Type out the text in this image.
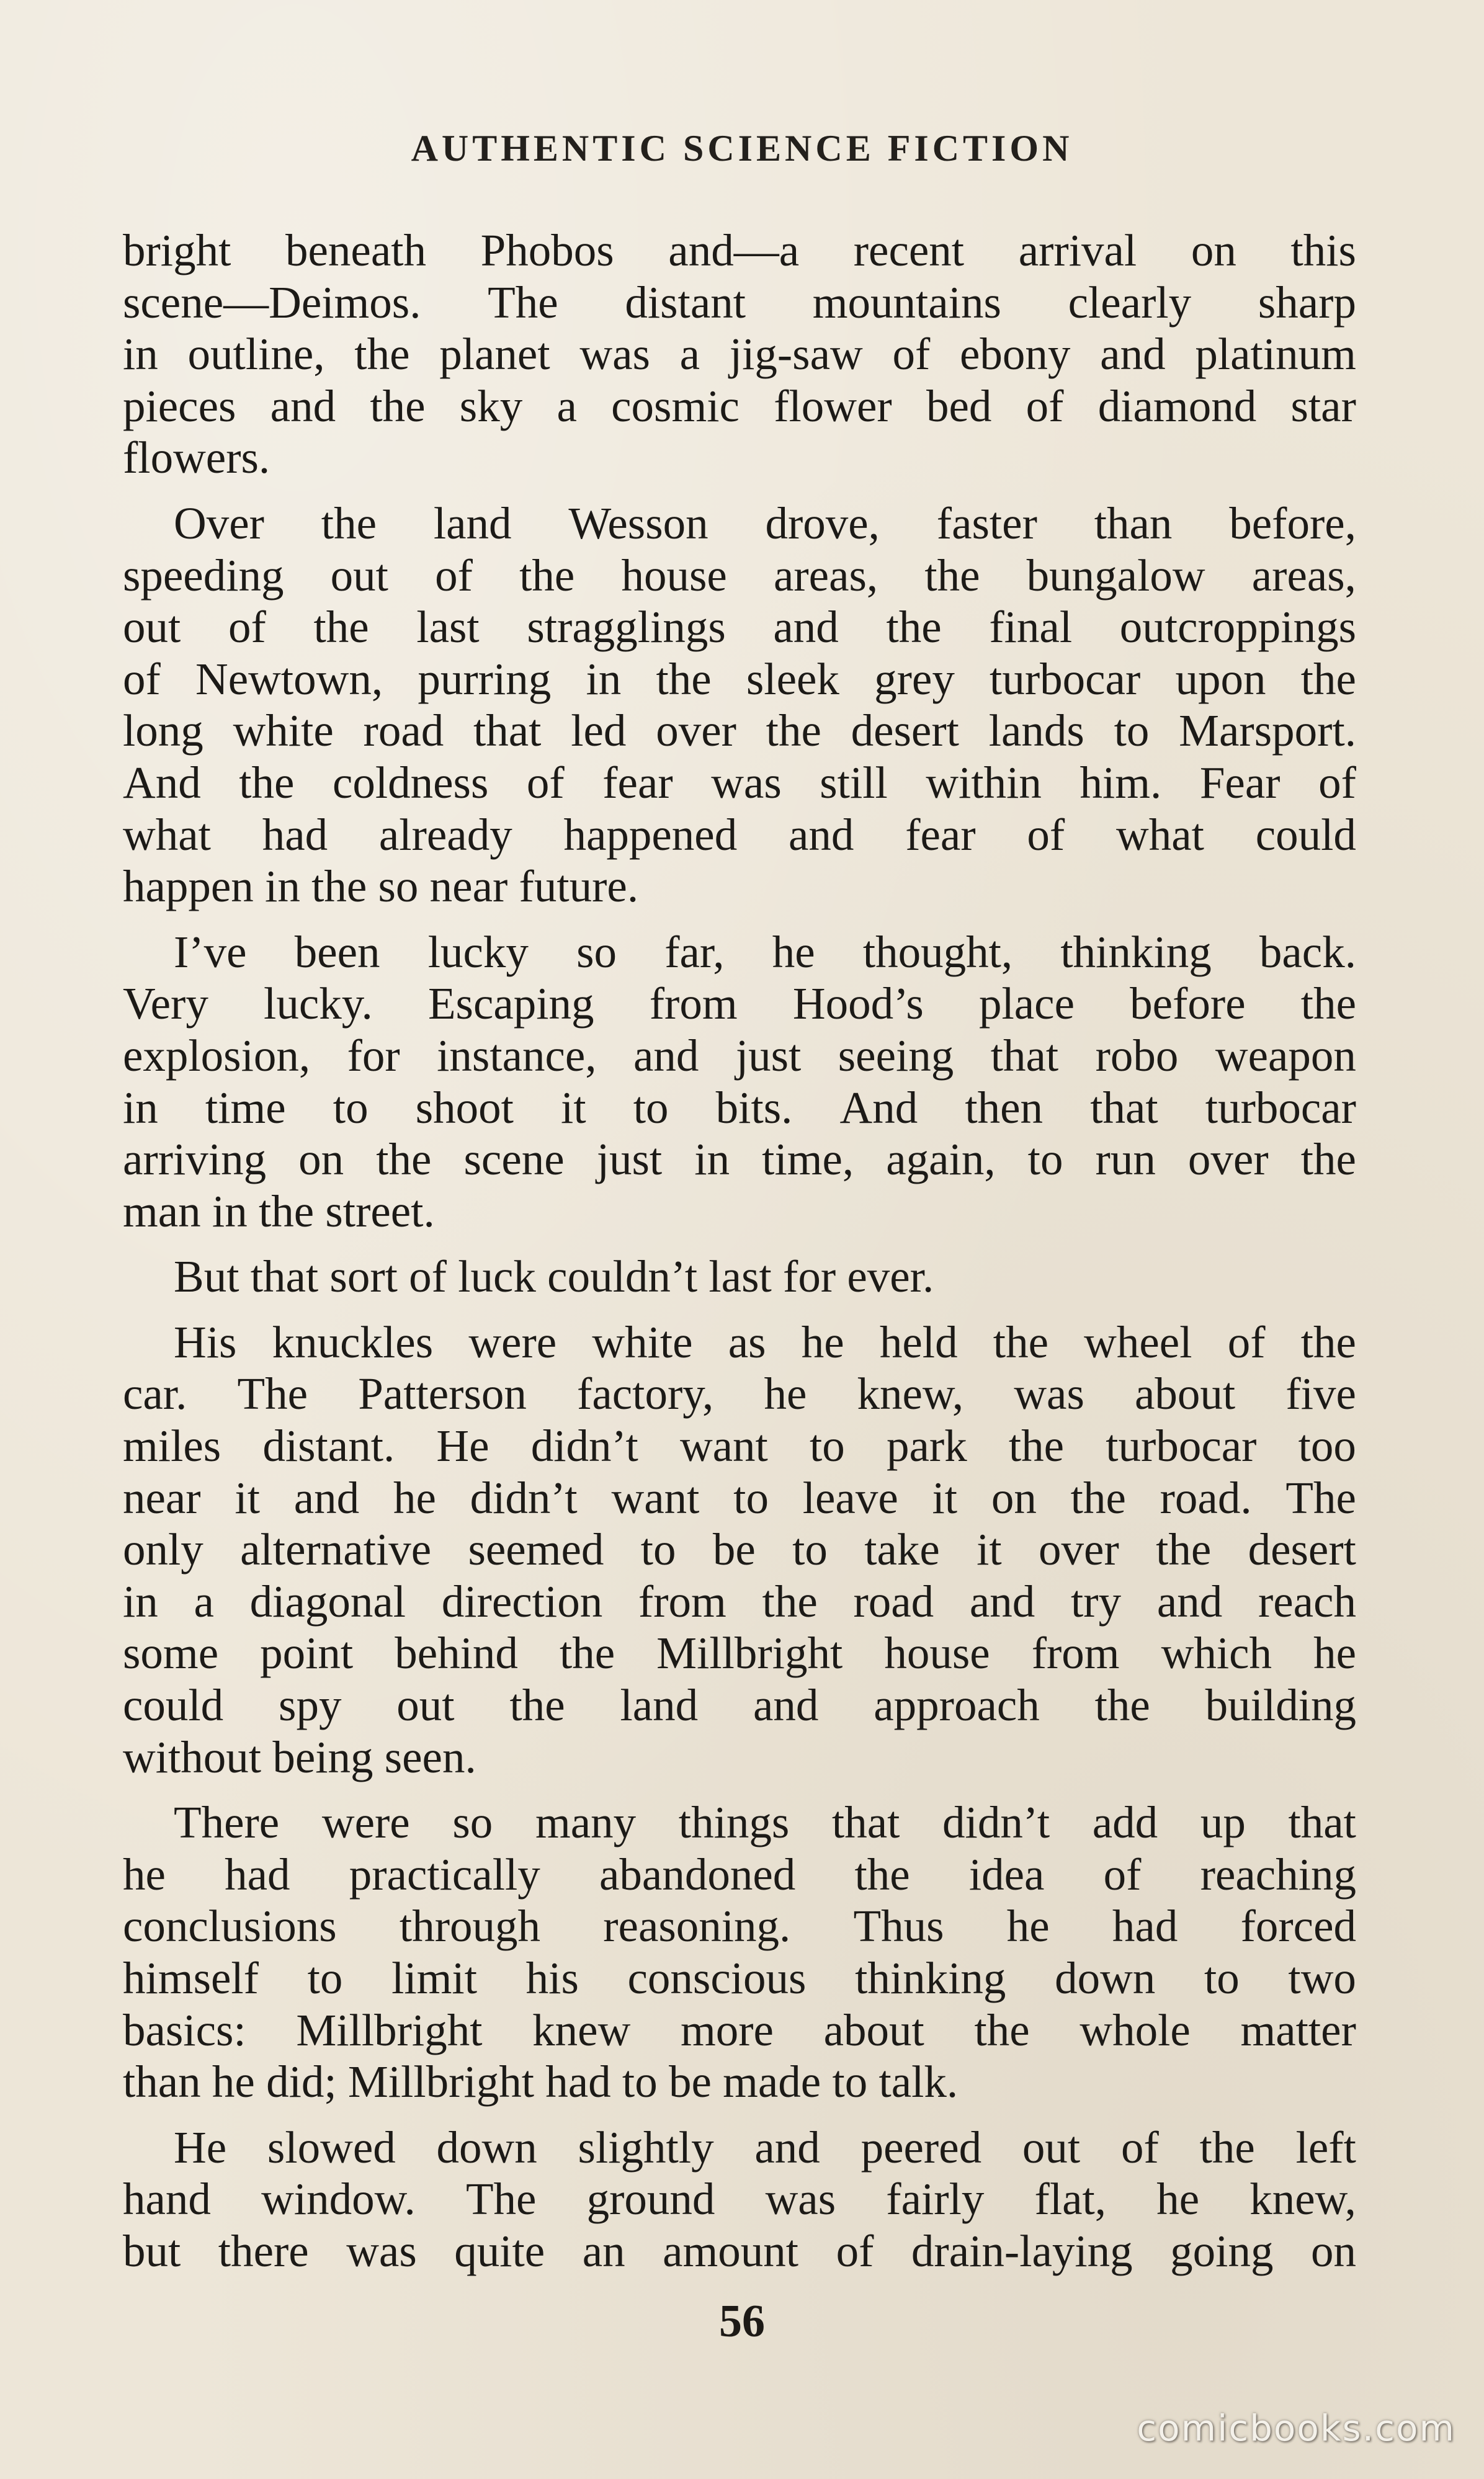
AUTHENTIC SCIENCE FICTION
bright beneath Phobos and—a recent arrival on this
scene—Deimos. The distant mountains clearly sharp
in outline, the planet was a jig-saw of ebony and platinum
pieces and the sky a cosmic flower bed of diamond star
flowers.
Over the land Wesson drove, faster than before,
speeding out of the house areas, the bungalow areas,
out of the last stragglings and the final outcroppings
of Newtown, purring in the sleek grey turbocar upon the
long white road that led over the desert lands to Marsport.
And the coldness of fear was still within him. Fear of
what had already happened and fear of what could
happen in the so near future.
I’ve been lucky so far, he thought, thinking back.
Very lucky. Escaping from Hood’s place before the
explosion, for instance, and just seeing that robo weapon
in time to shoot it to bits. And then that turbocar
arriving on the scene just in time, again, to run over the
man in the street.
But that sort of luck couldn’t last for ever.
His knuckles were white as he held the wheel of the
car. The Patterson factory, he knew, was about five
miles distant. He didn’t want to park the turbocar too
near it and he didn’t want to leave it on the road. The
only alternative seemed to be to take it over the desert
in a diagonal direction from the road and try and reach
some point behind the Millbright house from which he
could spy out the land and approach the building
without being seen.
There were so many things that didn’t add up that
he had practically abandoned the idea of reaching
conclusions through reasoning. Thus he had forced
himself to limit his conscious thinking down to two
basics: Millbright knew more about the whole matter
than he did; Millbright had to be made to talk.
He slowed down slightly and peered out of the left
hand window. The ground was fairly flat, he knew,
but there was quite an amount of drain-laying going on
56
comicbooks.com
